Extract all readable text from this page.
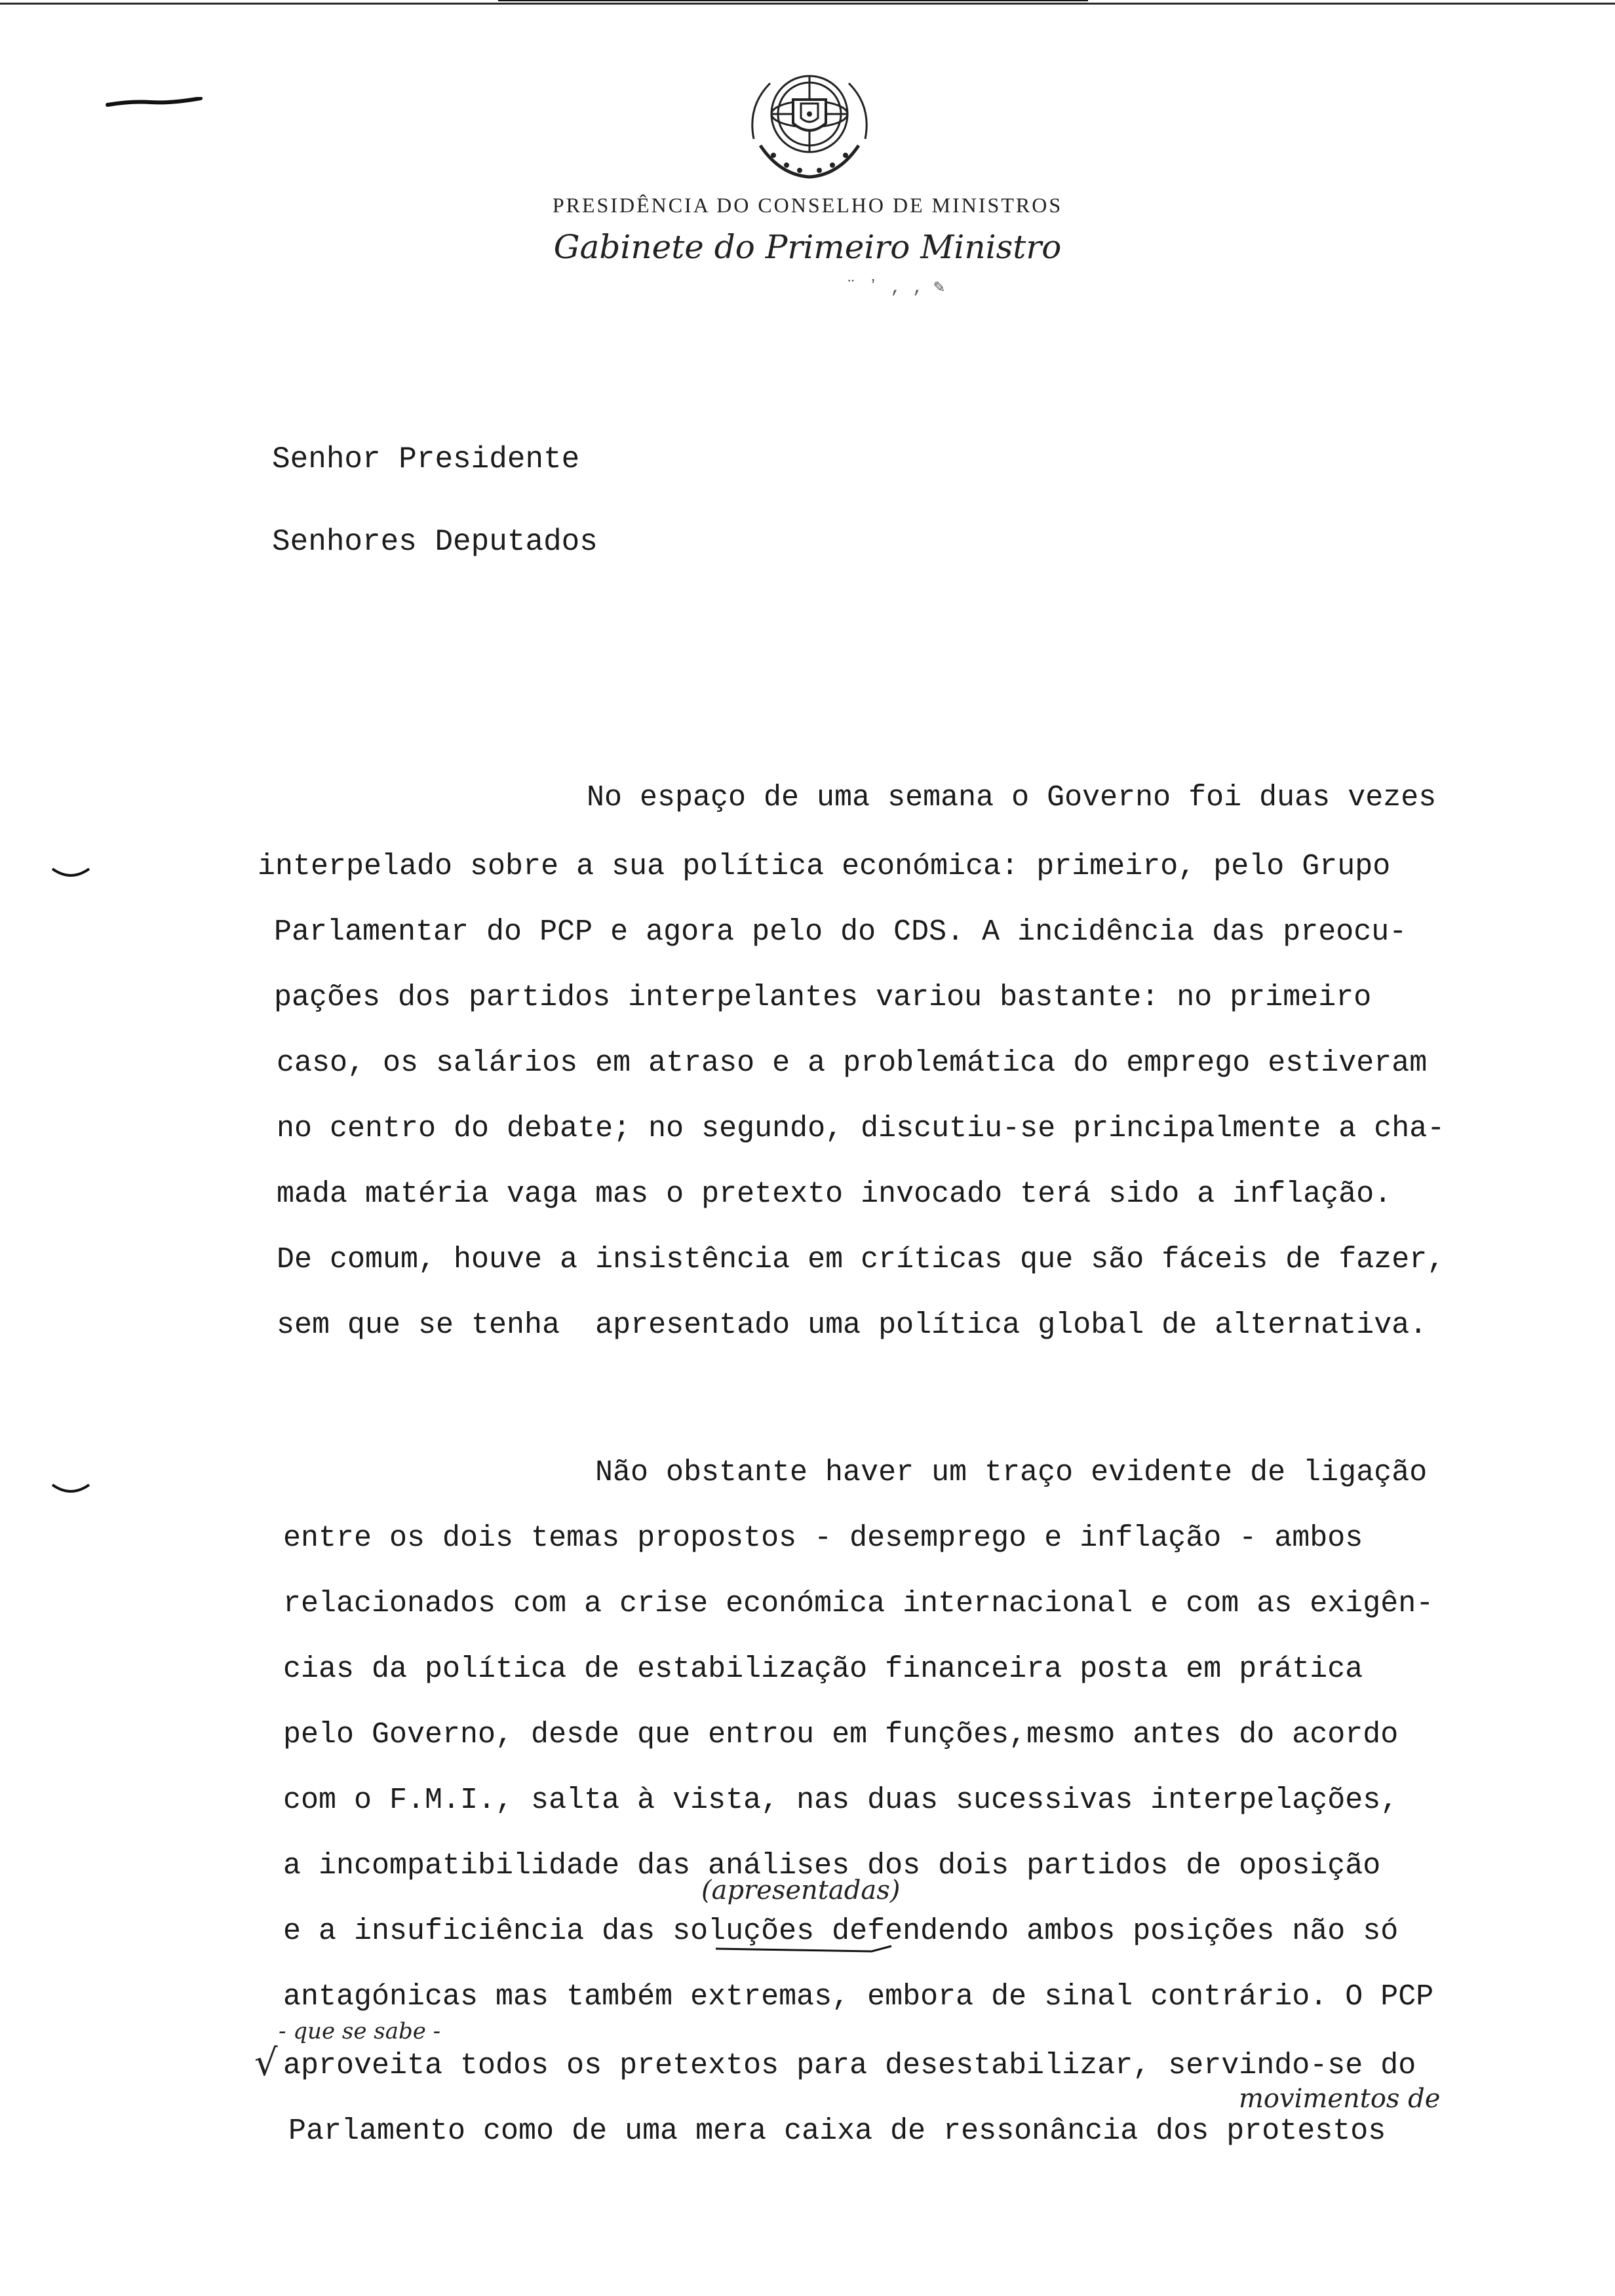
PRESIDÊNCIA DO CONSELHO DE MINISTROS
Gabinete do Primeiro Ministro
¨ ʼ ‚ ‚ ✎
Senhor Presidente
Senhores Deputados
No espaço de uma semana o Governo foi duas vezes
interpelado sobre a sua política económica: primeiro, pelo Grupo
Parlamentar do PCP e agora pelo do CDS. A incidência das preocu-
pações dos partidos interpelantes variou bastante: no primeiro
caso, os salários em atraso e a problemática do emprego estiveram
no centro do debate; no segundo, discutiu-se principalmente a cha-
mada matéria vaga mas o pretexto invocado terá sido a inflação.
De comum, houve a insistência em críticas que são fáceis de fazer,
sem que se tenha  apresentado uma política global de alternativa.
Não obstante haver um traço evidente de ligação
entre os dois temas propostos - desemprego e inflação - ambos
relacionados com a crise económica internacional e com as exigên-
cias da política de estabilização financeira posta em prática
pelo Governo, desde que entrou em funções,mesmo antes do acordo
com o F.M.I., salta à vista, nas duas sucessivas interpelações,
a incompatibilidade das análises dos dois partidos de oposição
(apresentadas)
e a insuficiência das soluções defendendo ambos posições não só
antagónicas mas também extremas, embora de sinal contrário. O PCP
- que se sabe -
√ aproveita todos os pretextos para desestabilizar, servindo-se do
movimentos de
Parlamento como de uma mera caixa de ressonância dos protestos
